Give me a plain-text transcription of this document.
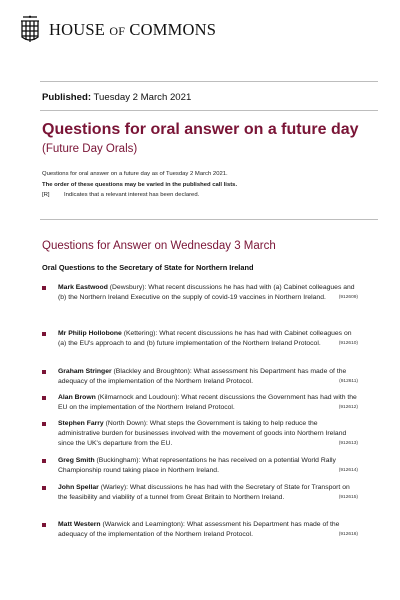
HOUSE OF COMMONS
Published: Tuesday 2 March 2021
Questions for oral answer on a future day
(Future Day Orals)
Questions for oral answer on a future day as of Tuesday 2 March 2021.
The order of these questions may be varied in the published call lists.
[R] Indicates that a relevant interest has been declared.
Questions for Answer on Wednesday 3 March
Oral Questions to the Secretary of State for Northern Ireland
Mark Eastwood (Dewsbury): What recent discussions he has had with (a) Cabinet colleagues and (b) the Northern Ireland Executive on the supply of covid-19 vaccines in Northern Ireland.	(912609)
Mr Philip Hollobone (Kettering): What recent discussions he has had with Cabinet colleagues on (a) the EU's approach to and (b) future implementation of the Northern Ireland Protocol.	(912610)
Graham Stringer (Blackley and Broughton): What assessment his Department has made of the adequacy of the implementation of the Northern Ireland Protocol.	(912611)
Alan Brown (Kilmarnock and Loudoun): What recent discussions the Government has had with the EU on the implementation of the Northern Ireland Protocol.	(912612)
Stephen Farry (North Down): What steps the Government is taking to help reduce the administrative burden for businesses involved with the movement of goods into Northern Ireland since the UK's departure from the EU.	(912613)
Greg Smith (Buckingham): What representations he has received on a potential World Rally Championship round taking place in Northern Ireland.	(912614)
John Spellar (Warley): What discussions he has had with the Secretary of State for Transport on the feasibility and viability of a tunnel from Great Britain to Northern Ireland.	(912615)
Matt Western (Warwick and Leamington): What assessment his Department has made of the adequacy of the implementation of the Northern Ireland Protocol.	(912616)
